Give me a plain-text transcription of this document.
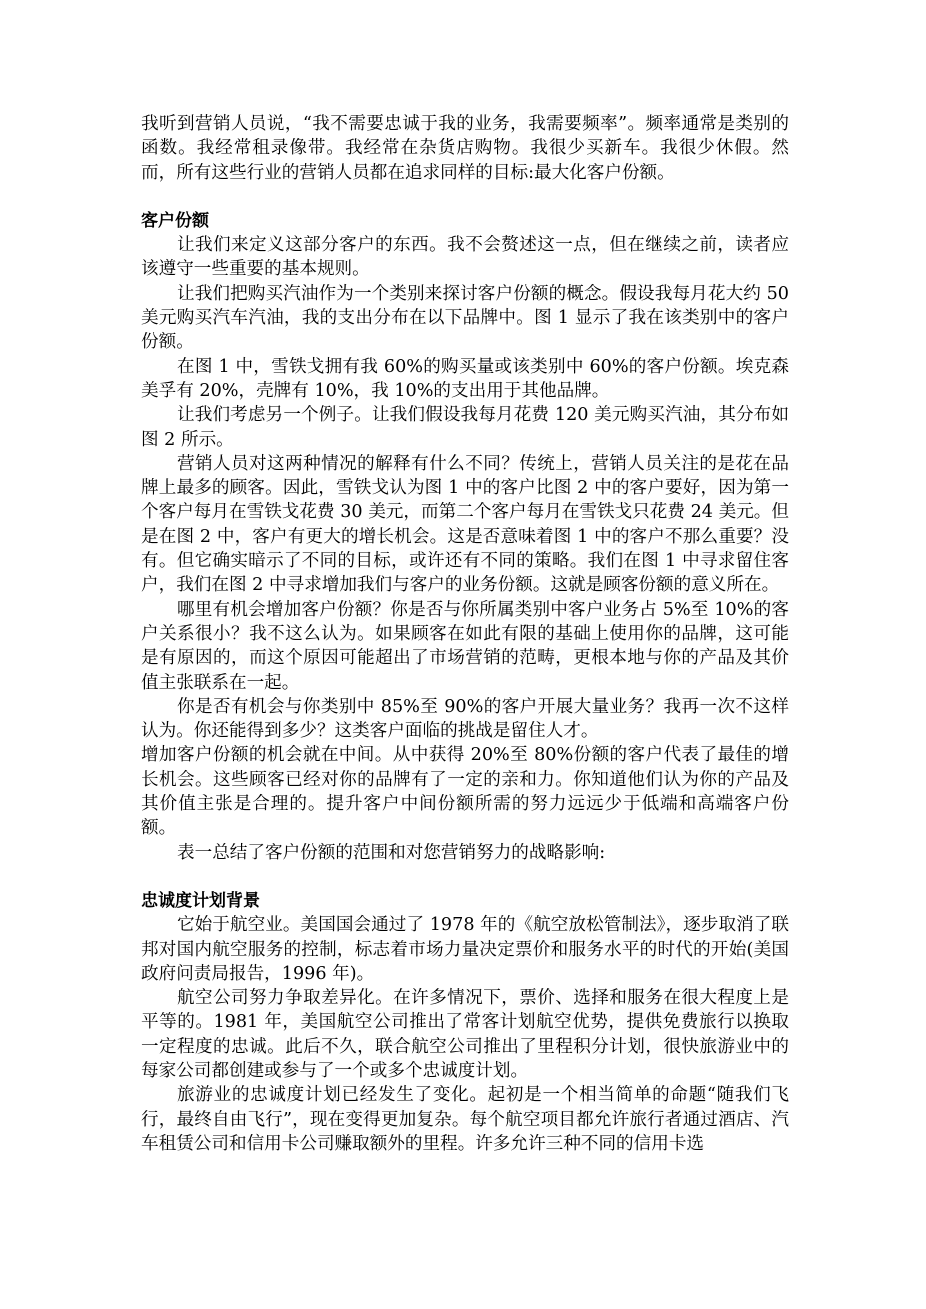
我听到营销人员说，“我不需要忠诚于我的业务，我需要频率”。频率通常是类别的函数。我经常租录像带。我经常在杂货店购物。我很少买新车。我很少休假。然而，所有这些行业的营销人员都在追求同样的目标:最大化客户份额。

客户份额

让我们来定义这部分客户的东西。我不会赘述这一点，但在继续之前，读者应该遵守一些重要的基本规则。

让我们把购买汽油作为一个类别来探讨客户份额的概念。假设我每月花大约 50 美元购买汽车汽油，我的支出分布在以下品牌中。图 1 显示了我在该类别中的客户份额。

在图 1 中，雪铁戈拥有我 60%的购买量或该类别中 60%的客户份额。埃克森美孚有 20%，壳牌有 10%，我 10%的支出用于其他品牌。

让我们考虑另一个例子。让我们假设我每月花费 120 美元购买汽油，其分布如图 2 所示。

营销人员对这两种情况的解释有什么不同？传统上，营销人员关注的是花在品牌上最多的顾客。因此，雪铁戈认为图 1 中的客户比图 2 中的客户要好，因为第一个客户每月在雪铁戈花费 30 美元，而第二个客户每月在雪铁戈只花费 24 美元。但是在图 2 中，客户有更大的增长机会。这是否意味着图 1 中的客户不那么重要？没有。但它确实暗示了不同的目标，或许还有不同的策略。我们在图 1 中寻求留住客户，我们在图 2 中寻求增加我们与客户的业务份额。这就是顾客份额的意义所在。

哪里有机会增加客户份额？你是否与你所属类别中客户业务占 5%至 10%的客户关系很小？我不这么认为。如果顾客在如此有限的基础上使用你的品牌，这可能是有原因的，而这个原因可能超出了市场营销的范畴，更根本地与你的产品及其价值主张联系在一起。

你是否有机会与你类别中 85%至 90%的客户开展大量业务？我再一次不这样认为。你还能得到多少？这类客户面临的挑战是留住人才。

增加客户份额的机会就在中间。从中获得 20%至 80%份额的客户代表了最佳的增长机会。这些顾客已经对你的品牌有了一定的亲和力。你知道他们认为你的产品及其价值主张是合理的。提升客户中间份额所需的努力远远少于低端和高端客户份额。

表一总结了客户份额的范围和对您营销努力的战略影响:

忠诚度计划背景

它始于航空业。美国国会通过了 1978 年的《航空放松管制法》，逐步取消了联邦对国内航空服务的控制，标志着市场力量决定票价和服务水平的时代的开始(美国政府问责局报告，1996 年)。

航空公司努力争取差异化。在许多情况下，票价、选择和服务在很大程度上是平等的。1981 年，美国航空公司推出了常客计划航空优势，提供免费旅行以换取一定程度的忠诚。此后不久，联合航空公司推出了里程积分计划，很快旅游业中的每家公司都创建或参与了一个或多个忠诚度计划。

旅游业的忠诚度计划已经发生了变化。起初是一个相当简单的命题“随我们飞行，最终自由飞行”，现在变得更加复杂。每个航空项目都允许旅行者通过酒店、汽车租赁公司和信用卡公司赚取额外的里程。许多允许三种不同的信用卡选
